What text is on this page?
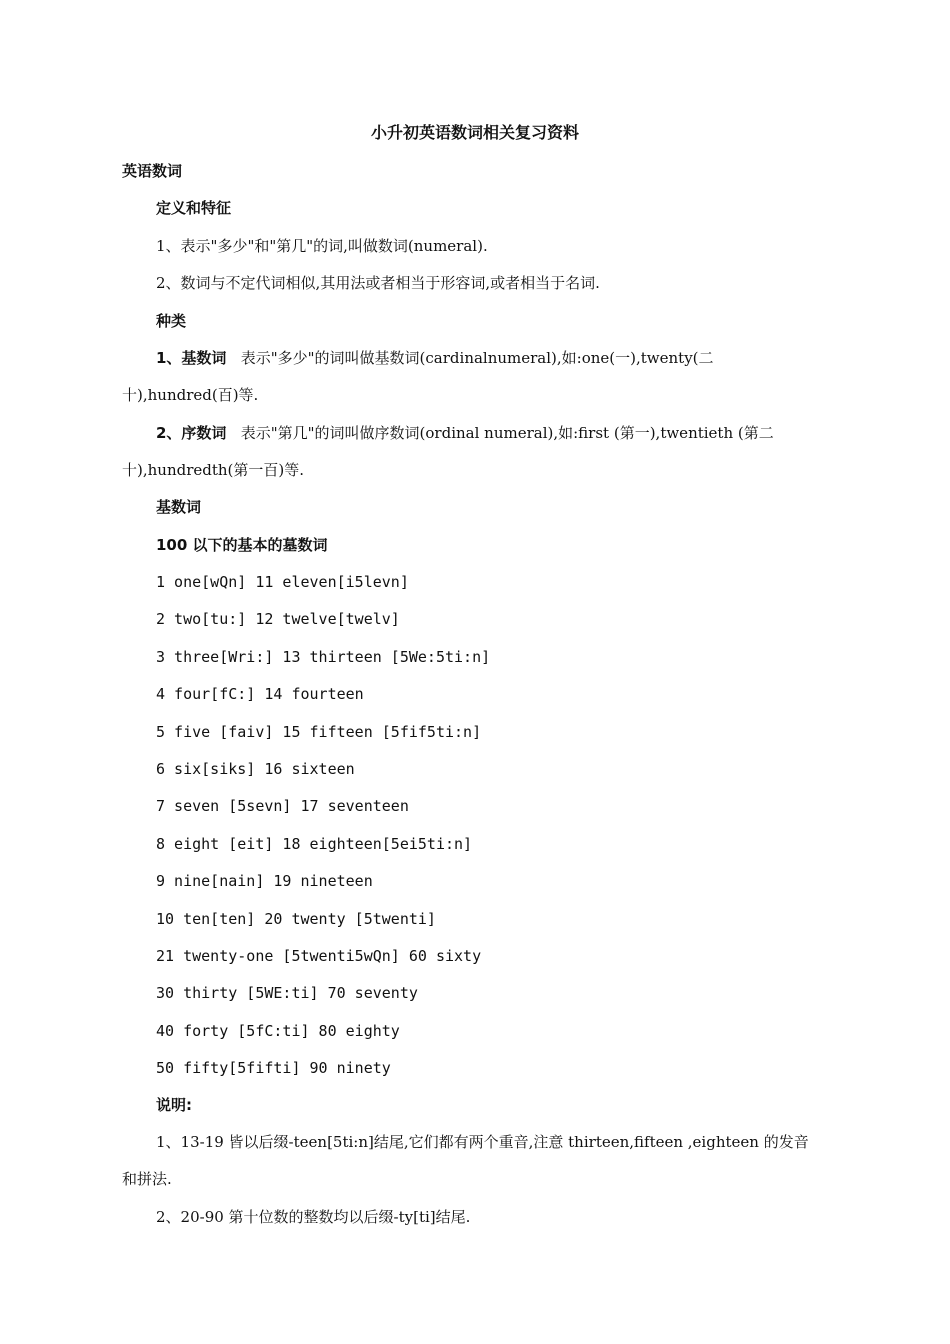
小升初英语数词相关复习资料

英语数词

定义和特征

1、表示"多少"和"第几"的词,叫做数词(numeral).

2、数词与不定代词相似,其用法或者相当于形容词,或者相当于名词.

种类

1、基数词 表示"多少"的词叫做基数词(cardinalnumeral),如:one(一),twenty(二十),hundred(百)等.

2、序数词 表示"第几"的词叫做序数词(ordinal numeral),如:first (第一),twentieth (第二十),hundredth(第一百)等.

基数词

100 以下的基本的墓数词

1 one[wQn] 11 eleven[i5levn]
2 two[tu:] 12 twelve[twelv]
3 three[Wri:] 13 thirteen [5We:5ti:n]
4 four[fC:] 14 fourteen
5 five [faiv] 15 fifteen [5fif5ti:n]
6 six[siks] 16 sixteen
7 seven [5sevn] 17 seventeen
8 eight [eit] 18 eighteen[5ei5ti:n]
9 nine[nain] 19 nineteen
10 ten[ten] 20 twenty [5twenti]
21 twenty-one [5twenti5wQn] 60 sixty
30 thirty [5WE:ti] 70 seventy
40 forty [5fC:ti] 80 eighty
50 fifty[5fifti] 90 ninety

说明:

1、13-19 皆以后缀-teen[5ti:n]结尾,它们都有两个重音,注意 thirteen,fifteen ,eighteen 的发音和拼法.

2、20-90 第十位数的整数均以后缀-ty[ti]结尾.
